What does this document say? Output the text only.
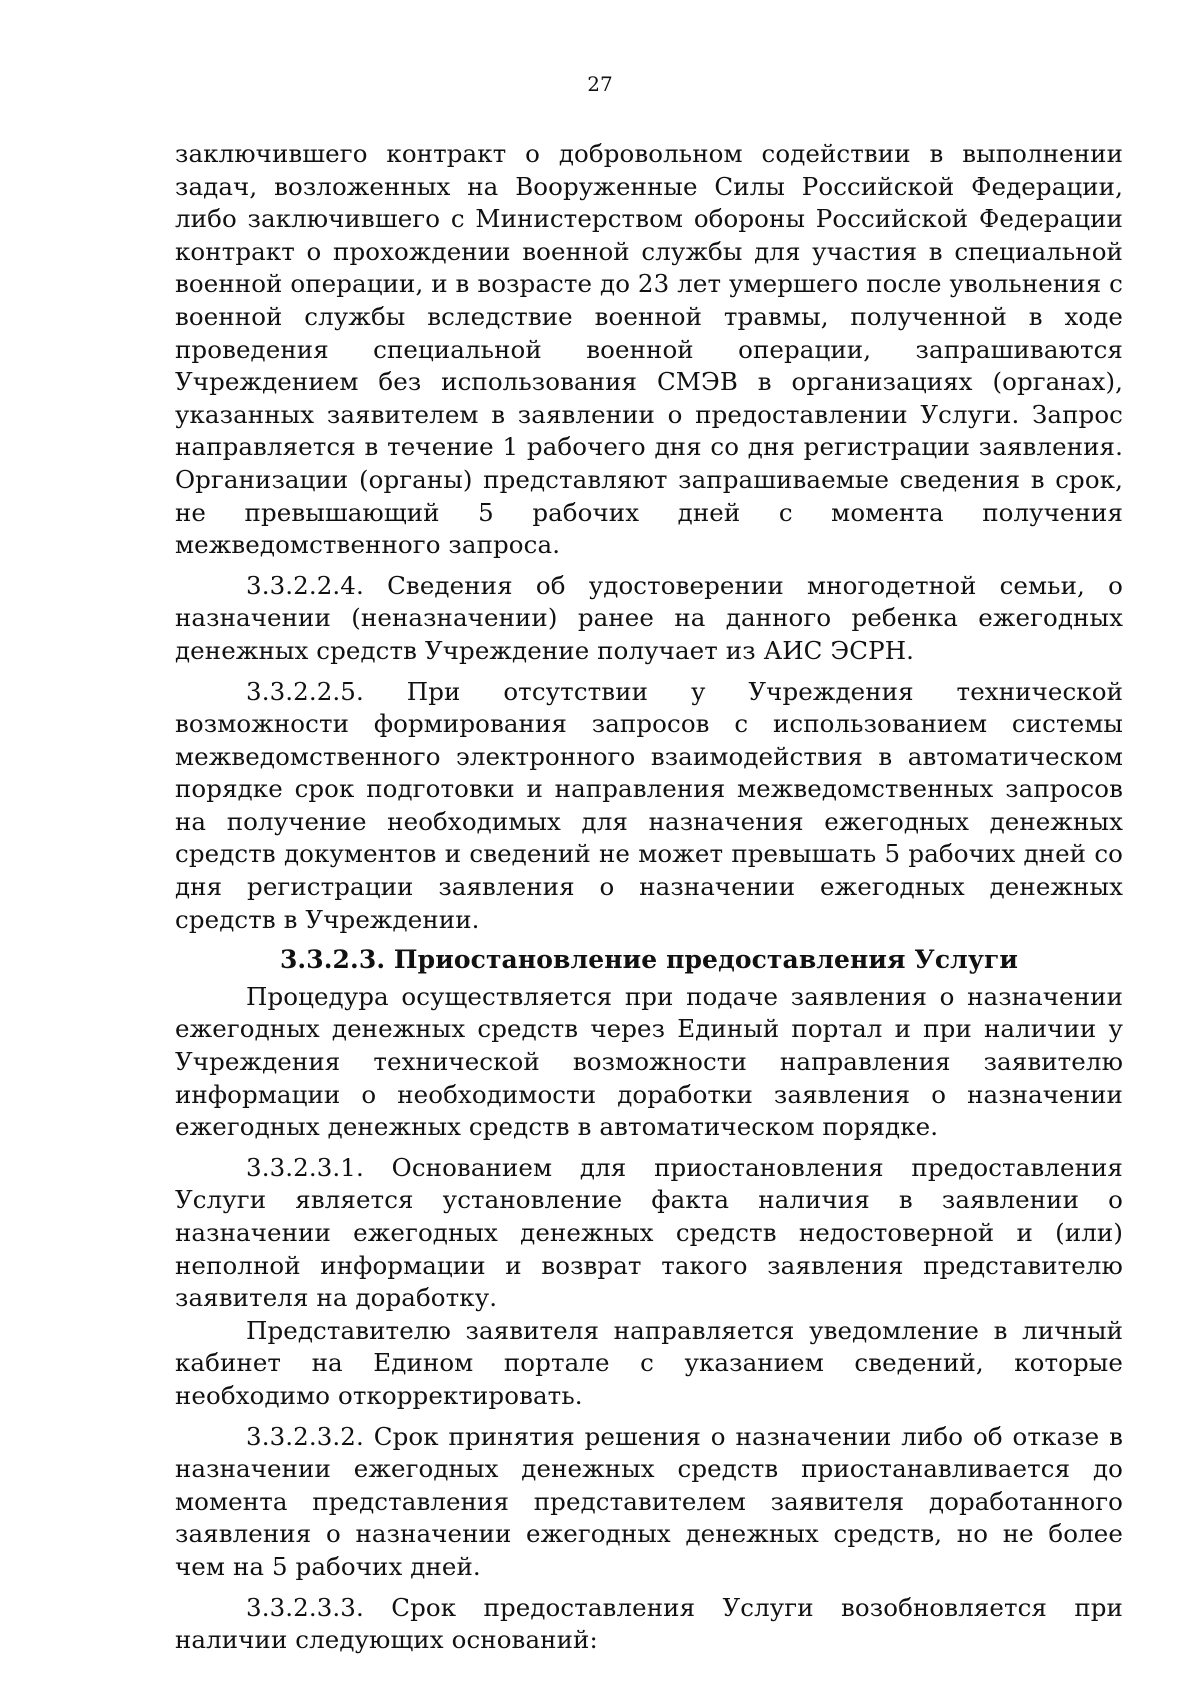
27

заключившего контракт о добровольном содействии в выполнении задач, возложенных на Вооруженные Силы Российской Федерации, либо заключившего с Министерством обороны Российской Федерации контракт о прохождении военной службы для участия в специальной военной операции, и в возрасте до 23 лет умершего после увольнения с военной службы вследствие военной травмы, полученной в ходе проведения специальной военной операции, запрашиваются Учреждением без использования СМЭВ в организациях (органах), указанных заявителем в заявлении о предоставлении Услуги. Запрос направляется в течение 1 рабочего дня со дня регистрации заявления. Организации (органы) представляют запрашиваемые сведения в срок, не превышающий 5 рабочих дней с момента получения межведомственного запроса.

3.3.2.2.4. Сведения об удостоверении многодетной семьи, о назначении (неназначении) ранее на данного ребенка ежегодных денежных средств Учреждение получает из АИС ЭСРН.

3.3.2.2.5. При отсутствии у Учреждения технической возможности формирования запросов с использованием системы межведомственного электронного взаимодействия в автоматическом порядке срок подготовки и направления межведомственных запросов на получение необходимых для назначения ежегодных денежных средств документов и сведений не может превышать 5 рабочих дней со дня регистрации заявления о назначении ежегодных денежных средств в Учреждении.

3.3.2.3. Приостановление предоставления Услуги

Процедура осуществляется при подаче заявления о назначении ежегодных денежных средств через Единый портал и при наличии у Учреждения технической возможности направления заявителю информации о необходимости доработки заявления о назначении ежегодных денежных средств в автоматическом порядке.

3.3.2.3.1. Основанием для приостановления предоставления Услуги является установление факта наличия в заявлении о назначении ежегодных денежных средств недостоверной и (или) неполной информации и возврат такого заявления представителю заявителя на доработку.

Представителю заявителя направляется уведомление в личный кабинет на Едином портале с указанием сведений, которые необходимо откорректировать.

3.3.2.3.2. Срок принятия решения о назначении либо об отказе в назначении ежегодных денежных средств приостанавливается до момента представления представителем заявителя доработанного заявления о назначении ежегодных денежных средств, но не более чем на 5 рабочих дней.

3.3.2.3.3. Срок предоставления Услуги возобновляется при наличии следующих оснований:
